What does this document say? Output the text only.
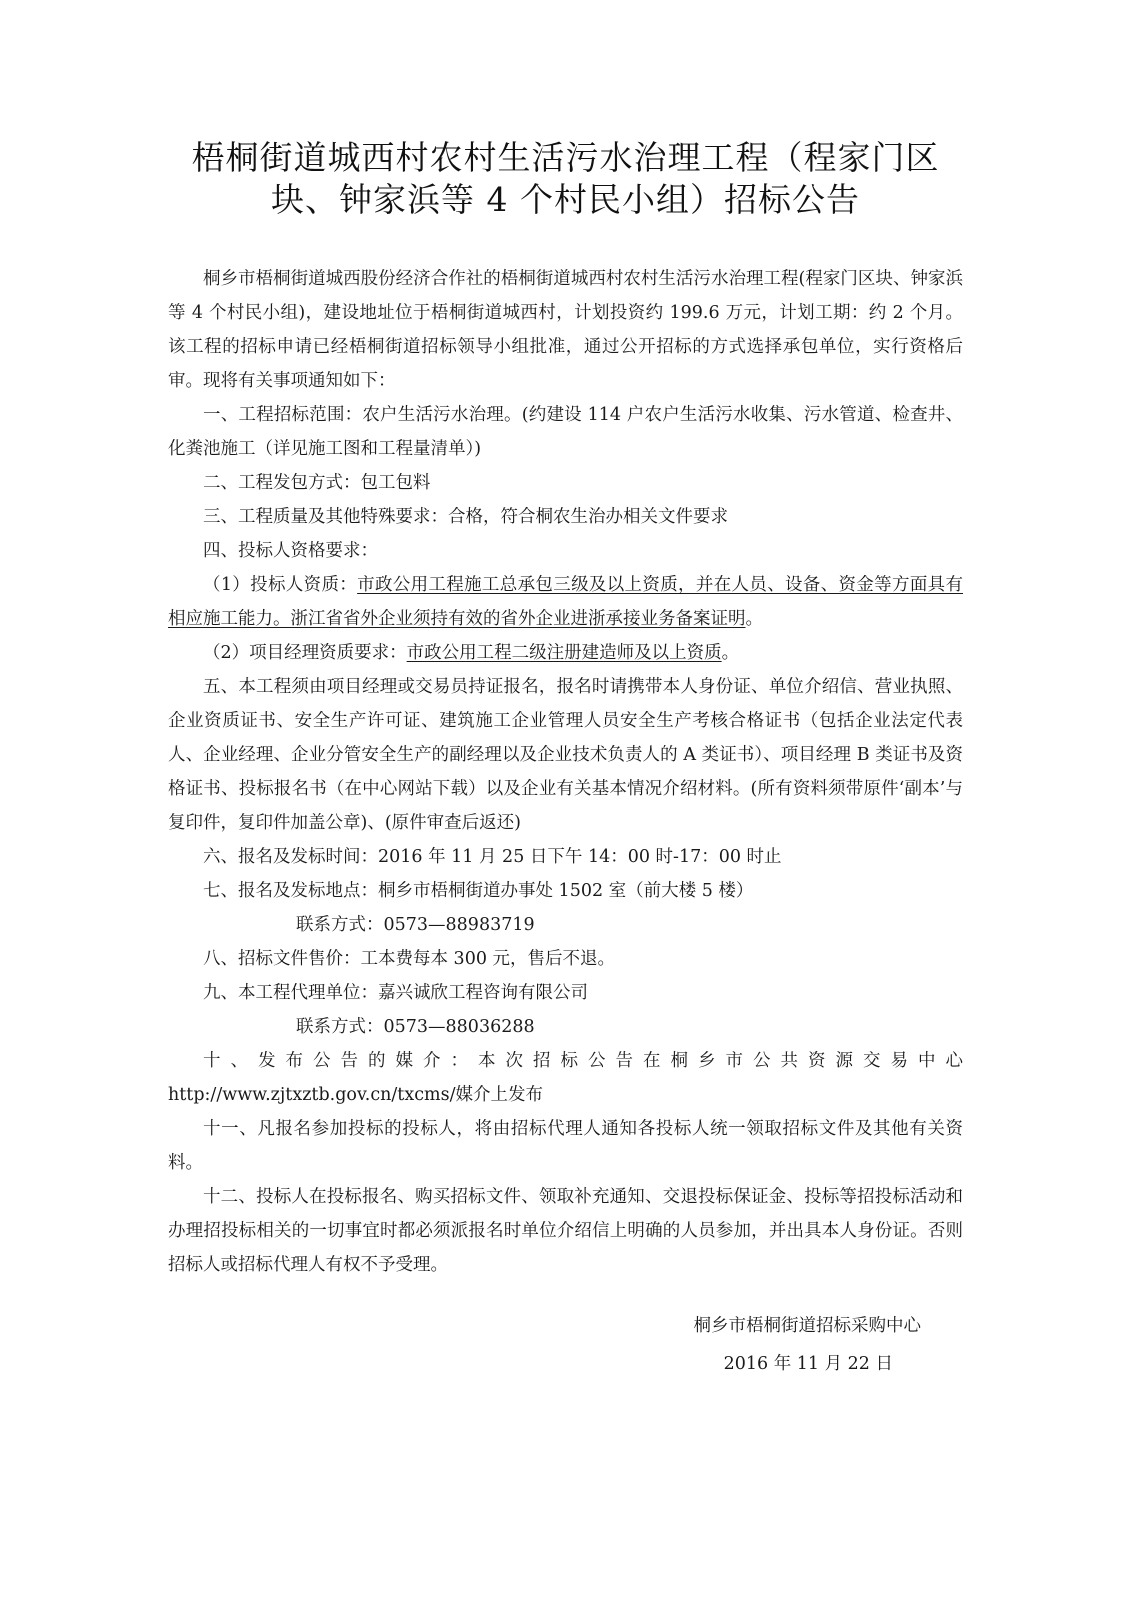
梧桐街道城西村农村生活污水治理工程（程家门区
块、钟家浜等 4 个村民小组）招标公告

桐乡市梧桐街道城西股份经济合作社的梧桐街道城西村农村生活污水治理工程(程家门区块、钟家浜等 4 个村民小组)，建设地址位于梧桐街道城西村，计划投资约 199.6 万元，计划工期：约 2 个月。该工程的招标申请已经梧桐街道招标领导小组批准，通过公开招标的方式选择承包单位，实行资格后审。现将有关事项通知如下：

一、工程招标范围：农户生活污水治理。(约建设 114 户农户生活污水收集、污水管道、检查井、化粪池施工（详见施工图和工程量清单）)

二、工程发包方式：包工包料

三、工程质量及其他特殊要求：合格，符合桐农生治办相关文件要求

四、投标人资格要求：

（1）投标人资质：市政公用工程施工总承包三级及以上资质，并在人员、设备、资金等方面具有相应施工能力。浙江省省外企业须持有效的省外企业进浙承接业务备案证明。

（2）项目经理资质要求：市政公用工程二级注册建造师及以上资质。

五、本工程须由项目经理或交易员持证报名，报名时请携带本人身份证、单位介绍信、营业执照、企业资质证书、安全生产许可证、建筑施工企业管理人员安全生产考核合格证书（包括企业法定代表人、企业经理、企业分管安全生产的副经理以及企业技术负责人的 A 类证书）、项目经理 B 类证书及资格证书、投标报名书（在中心网站下载）以及企业有关基本情况介绍材料。(所有资料须带原件‘副本’与复印件，复印件加盖公章)、(原件审查后返还)

六、报名及发标时间：2016 年 11 月 25 日下午 14：00 时-17：00 时止

七、报名及发标地点：桐乡市梧桐街道办事处 1502 室（前大楼 5 楼）

联系方式：0573—88983719

八、招标文件售价：工本费每本 300 元，售后不退。

九、本工程代理单位：嘉兴诚欣工程咨询有限公司

联系方式：0573—88036288

十、发布公告的媒介：本次招标公告在桐乡市公共资源交易中心

http://www.zjtxztb.gov.cn/txcms/媒介上发布

十一、凡报名参加投标的投标人，将由招标代理人通知各投标人统一领取招标文件及其他有关资料。

十二、投标人在投标报名、购买招标文件、领取补充通知、交退投标保证金、投标等招投标活动和办理招投标相关的一切事宜时都必须派报名时单位介绍信上明确的人员参加，并出具本人身份证。否则招标人或招标代理人有权不予受理。

桐乡市梧桐街道招标采购中心
2016 年 11 月 22 日
